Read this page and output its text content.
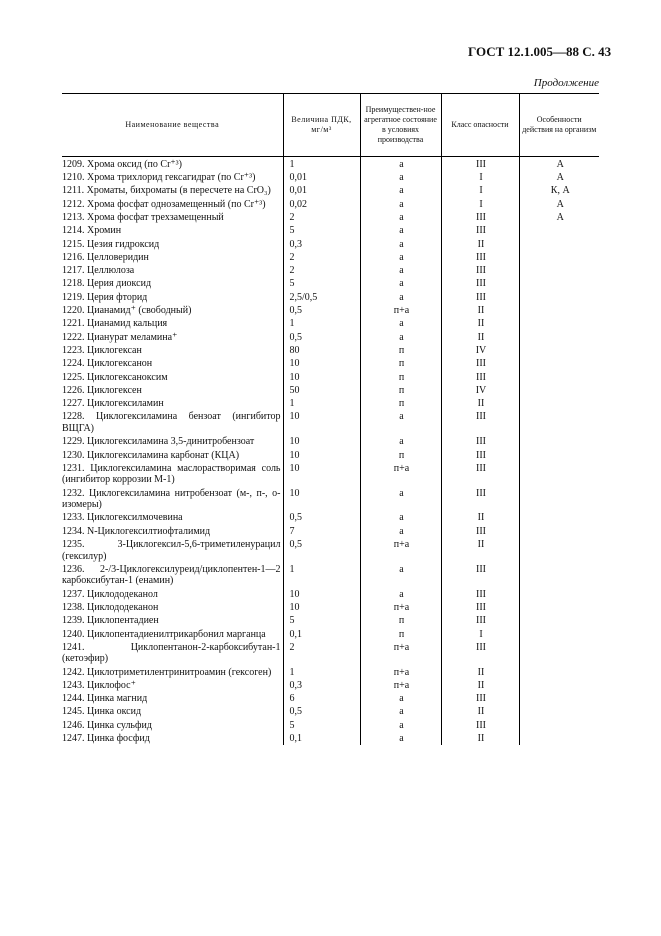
ГОСТ 12.1.005—88 С. 43
Продолжение
Наименование вещества	Величина ПДК, мг/м³	Преимуществен-ное агрегатное состояние в условиях производства	Класс опасности	Особенности действия на организм
1209. Хрома оксид (по Cr⁺³)	1	а	III	А
1210. Хрома трихлорид гексагидрат (по Cr⁺³)	0,01	а	I	А
1211. Хроматы, бихроматы (в пересчете на CrO₃)	0,01	а	I	К, А
1212. Хрома фосфат однозамещенный (по Cr⁺³)	0,02	а	I	А
1213. Хрома фосфат трехзамещенный	2	а	III	А
1214. Хромин	5	а	III	
1215. Цезия гидроксид	0,3	а	II	
1216. Целловеридин	2	а	III	
1217. Целлюлоза	2	а	III	
1218. Церия диоксид	5	а	III	
1219. Церия фторид	2,5/0,5	а	III	
1220. Цианамид⁺ (свободный)	0,5	п+а	II	
1221. Цианамид кальция	1	а	II	
1222. Цианурат меламина⁺	0,5	а	II	
1223. Циклогексан	80	п	IV	
1224. Циклогексанон	10	п	III	
1225. Циклогексаноксим	10	п	III	
1226. Циклогексен	50	п	IV	
1227. Циклогексиламин	1	п	II	
1228. Циклогексиламина бензоат (ингибитор ВЩГА)	10	а	III	
1229. Циклогексиламина 3,5-динитробензоат	10	а	III	
1230. Циклогексиламина карбонат (КЦА)	10	п	III	
1231. Циклогексиламина маслорастворимая соль (ингибитор коррозии М-1)	10	п+а	III	
1232. Циклогексиламина нитробензоат (м-, п-, о-изомеры)	10	а	III	
1233. Циклогексилмочевина	0,5	а	II	
1234. N-Циклогексилтиофталимид	7	а	III	
1235. 3-Циклогексил-5,6-триметиленурацил (гексилур)	0,5	п+а	II	
1236. 2-/3-Циклогексилуреид/циклопентен-1—2 карбоксибутан-1 (енамин)	1	а	III	
1237. Циклододеканол	10	а	III	
1238. Циклододеканон	10	п+а	III	
1239. Циклопентадиен	5	п	III	
1240. Циклопентадиенилтрикарбонил марганца	0,1	п	I	
1241. Циклопентанон-2-карбоксибутан-1 (кетоэфир)	2	п+а	III	
1242. Циклотриметилентринитроамин (гексоген)	1	п+а	II	
1243. Циклофос⁺	0,3	п+а	II	
1244. Цинка магнид	6	а	III	
1245. Цинка оксид	0,5	а	II	
1246. Цинка сульфид	5	а	III	
1247. Цинка фосфид	0,1	а	II	
